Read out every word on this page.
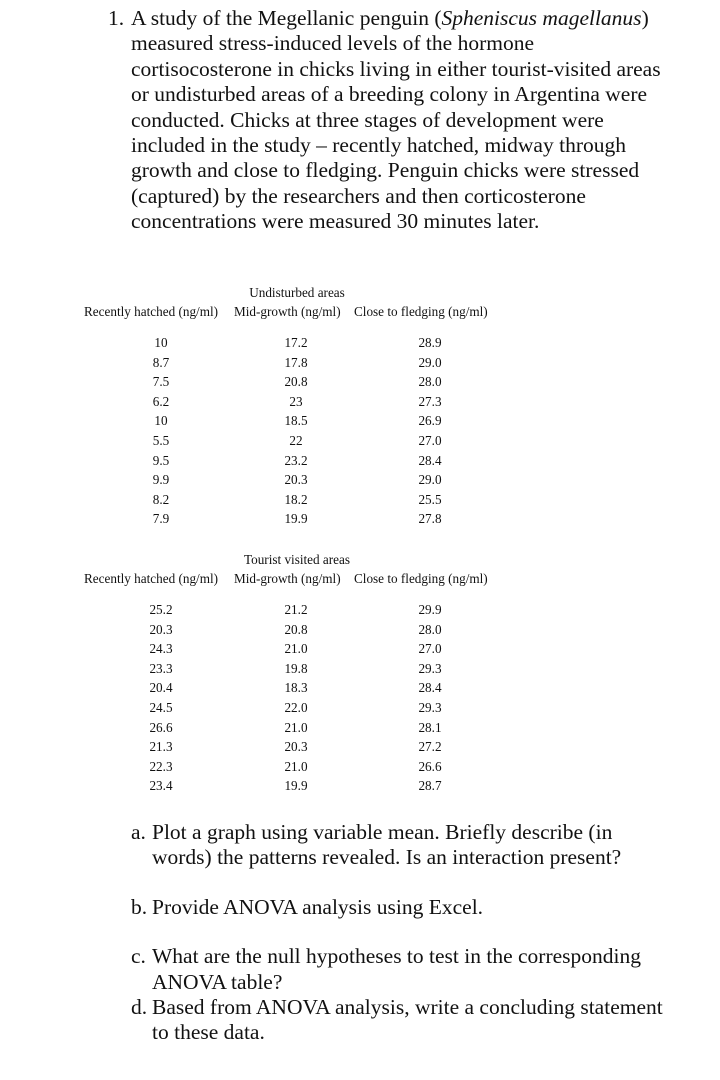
1. A study of the Megellanic penguin (Spheniscus magellanus) measured stress-induced levels of the hormone cortisocosterone in chicks living in either tourist-visited areas or undisturbed areas of a breeding colony in Argentina were conducted. Chicks at three stages of development were included in the study – recently hatched, midway through growth and close to fledging. Penguin chicks were stressed (captured) by the researchers and then corticosterone concentrations were measured 30 minutes later.
Undisturbed areas
Recently hatched (ng/ml)	Mid-growth (ng/ml)	Close to fledging (ng/ml)
10	17.2	28.9
8.7	17.8	29.0
7.5	20.8	28.0
6.2	23	27.3
10	18.5	26.9
5.5	22	27.0
9.5	23.2	28.4
9.9	20.3	29.0
8.2	18.2	25.5
7.9	19.9	27.8
Tourist visited areas
Recently hatched (ng/ml)	Mid-growth (ng/ml)	Close to fledging (ng/ml)
25.2	21.2	29.9
20.3	20.8	28.0
24.3	21.0	27.0
23.3	19.8	29.3
20.4	18.3	28.4
24.5	22.0	29.3
26.6	21.0	28.1
21.3	20.3	27.2
22.3	21.0	26.6
23.4	19.9	28.7
a. Plot a graph using variable mean. Briefly describe (in words) the patterns revealed. Is an interaction present?
b. Provide ANOVA analysis using Excel.
c. What are the null hypotheses to test in the corresponding ANOVA table?
d. Based from ANOVA analysis, write a concluding statement to these data.
